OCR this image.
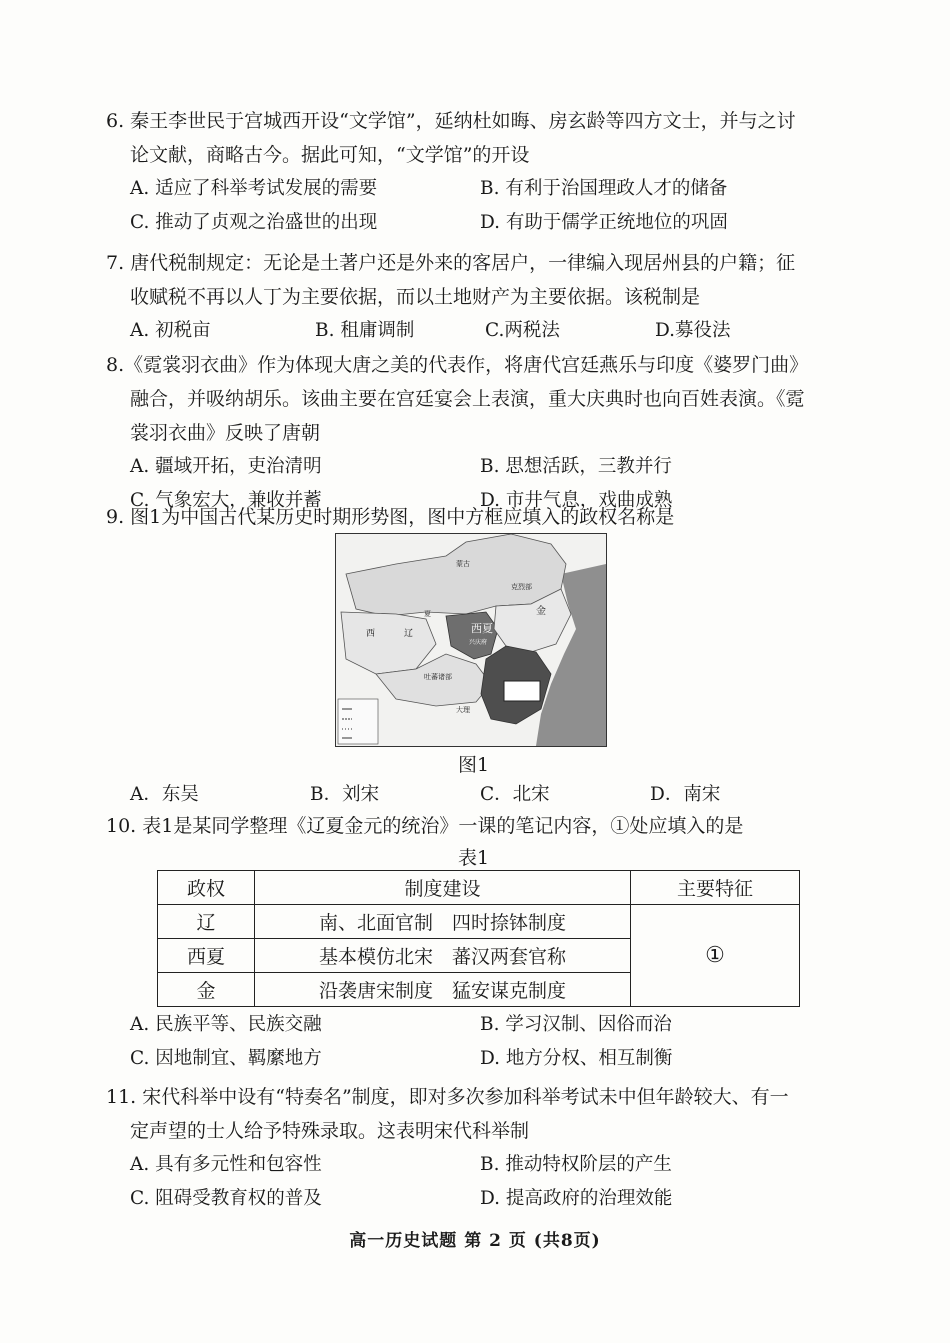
6. 秦王李世民于宫城西开设“文学馆”，延纳杜如晦、房玄龄等四方文士，并与之讨
论文献，商略古今。据此可知，“文学馆”的开设
A. 适应了科举考试发展的需要	B. 有利于治国理政人才的储备
C. 推动了贞观之治盛世的出现	D. 有助于儒学正统地位的巩固
7. 唐代税制规定：无论是土著户还是外来的客居户，一律编入现居州县的户籍；征
收赋税不再以人丁为主要依据，而以土地财产为主要依据。该税制是
A. 初税亩	B. 租庸调制	C.两税法	D.募役法
8.《霓裳羽衣曲》作为体现大唐之美的代表作，将唐代宫廷燕乐与印度《婆罗门曲》
融合，并吸纳胡乐。该曲主要在宫廷宴会上表演，重大庆典时也向百姓表演。《霓
裳羽衣曲》反映了唐朝
A. 疆域开拓，吏治清明	B. 思想活跃，三教并行
C. 气象宏大，兼收并蓄	D. 市井气息，戏曲成熟
9. 图1为中国古代某历史时期形势图，图中方框应填入的政权名称是
西	辽	西夏
兴庆府
金
克烈部
吐蕃诸部
大理
蒙古
夏
图1
A．东吴	B．刘宋	C．北宋	D．南宋
10. 表1是某同学整理《辽夏金元的统治》一课的笔记内容，①处应填入的是
表1
政权	制度建设	主要特征
辽	南、北面官制　四时捺钵制度	①
西夏	基本模仿北宋　蕃汉两套官称	
金	沿袭唐宋制度　猛安谋克制度	
A. 民族平等、民族交融	B. 学习汉制、因俗而治
C. 因地制宜、羁縻地方	D. 地方分权、相互制衡
11. 宋代科举中设有“特奏名”制度，即对多次参加科举考试未中但年龄较大、有一
定声望的士人给予特殊录取。这表明宋代科举制
A. 具有多元性和包容性	B. 推动特权阶层的产生
C. 阻碍受教育权的普及	D. 提高政府的治理效能
高一历史试题 第 2 页 (共8页)
